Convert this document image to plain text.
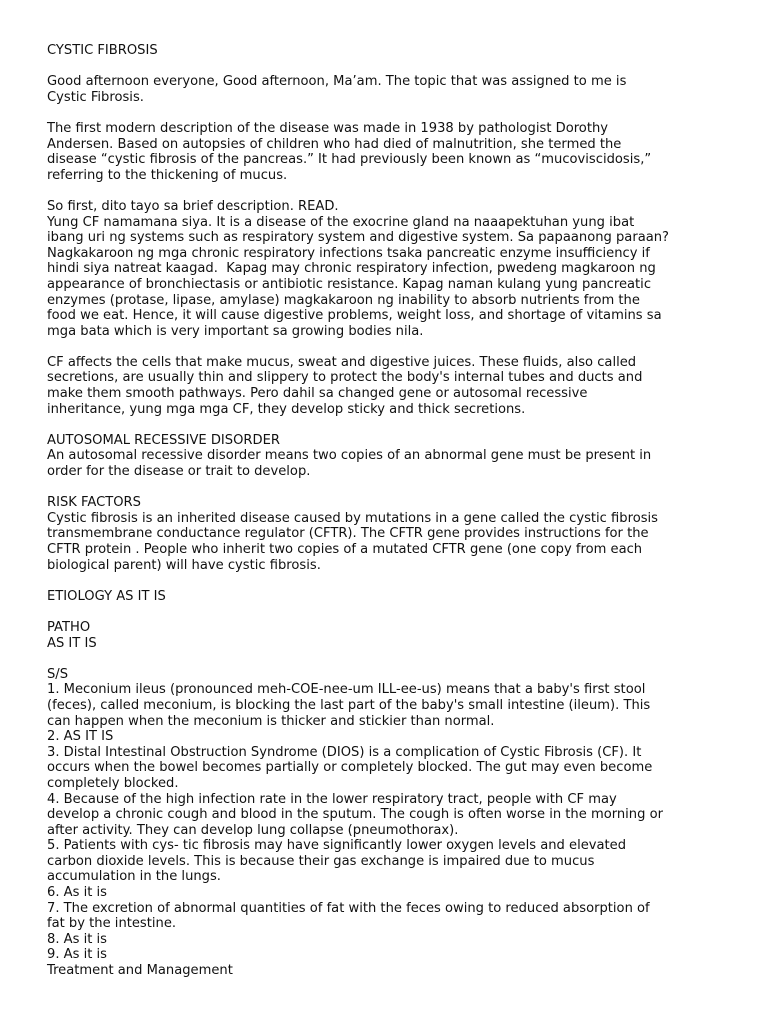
CYSTIC FIBROSIS
Good afternoon everyone, Good afternoon, Ma’am. The topic that was assigned to me is
Cystic Fibrosis.
The first modern description of the disease was made in 1938 by pathologist Dorothy
Andersen. Based on autopsies of children who had died of malnutrition, she termed the
disease “cystic fibrosis of the pancreas.” It had previously been known as “mucoviscidosis,”
referring to the thickening of mucus.
So first, dito tayo sa brief description. READ.
Yung CF namamana siya. It is a disease of the exocrine gland na naaapektuhan yung ibat
ibang uri ng systems such as respiratory system and digestive system. Sa papaanong paraan?
Nagkakaroon ng mga chronic respiratory infections tsaka pancreatic enzyme insufficiency if
hindi siya natreat kaagad.  Kapag may chronic respiratory infection, pwedeng magkaroon ng
appearance of bronchiectasis or antibiotic resistance. Kapag naman kulang yung pancreatic
enzymes (protase, lipase, amylase) magkakaroon ng inability to absorb nutrients from the
food we eat. Hence, it will cause digestive problems, weight loss, and shortage of vitamins sa
mga bata which is very important sa growing bodies nila.
CF affects the cells that make mucus, sweat and digestive juices. These fluids, also called
secretions, are usually thin and slippery to protect the body's internal tubes and ducts and
make them smooth pathways. Pero dahil sa changed gene or autosomal recessive
inheritance, yung mga mga CF, they develop sticky and thick secretions.
AUTOSOMAL RECESSIVE DISORDER
An autosomal recessive disorder means two copies of an abnormal gene must be present in
order for the disease or trait to develop.
RISK FACTORS
Cystic fibrosis is an inherited disease caused by mutations in a gene called the cystic fibrosis
transmembrane conductance regulator (CFTR). The CFTR gene provides instructions for the
CFTR protein . People who inherit two copies of a mutated CFTR gene (one copy from each
biological parent) will have cystic fibrosis.
ETIOLOGY AS IT IS
PATHO
AS IT IS
S/S
1. Meconium ileus (pronounced meh-COE-nee-um ILL-ee-us) means that a baby's first stool
(feces), called meconium, is blocking the last part of the baby's small intestine (ileum). This
can happen when the meconium is thicker and stickier than normal.
2. AS IT IS
3. Distal Intestinal Obstruction Syndrome (DIOS) is a complication of Cystic Fibrosis (CF). It
occurs when the bowel becomes partially or completely blocked. The gut may even become
completely blocked.
4. Because of the high infection rate in the lower respiratory tract, people with CF may
develop a chronic cough and blood in the sputum. The cough is often worse in the morning or
after activity. They can develop lung collapse (pneumothorax).
5. Patients with cys- tic fibrosis may have significantly lower oxygen levels and elevated
carbon dioxide levels. This is because their gas exchange is impaired due to mucus
accumulation in the lungs.
6. As it is
7. The excretion of abnormal quantities of fat with the feces owing to reduced absorption of
fat by the intestine.
8. As it is
9. As it is
Treatment and Management
